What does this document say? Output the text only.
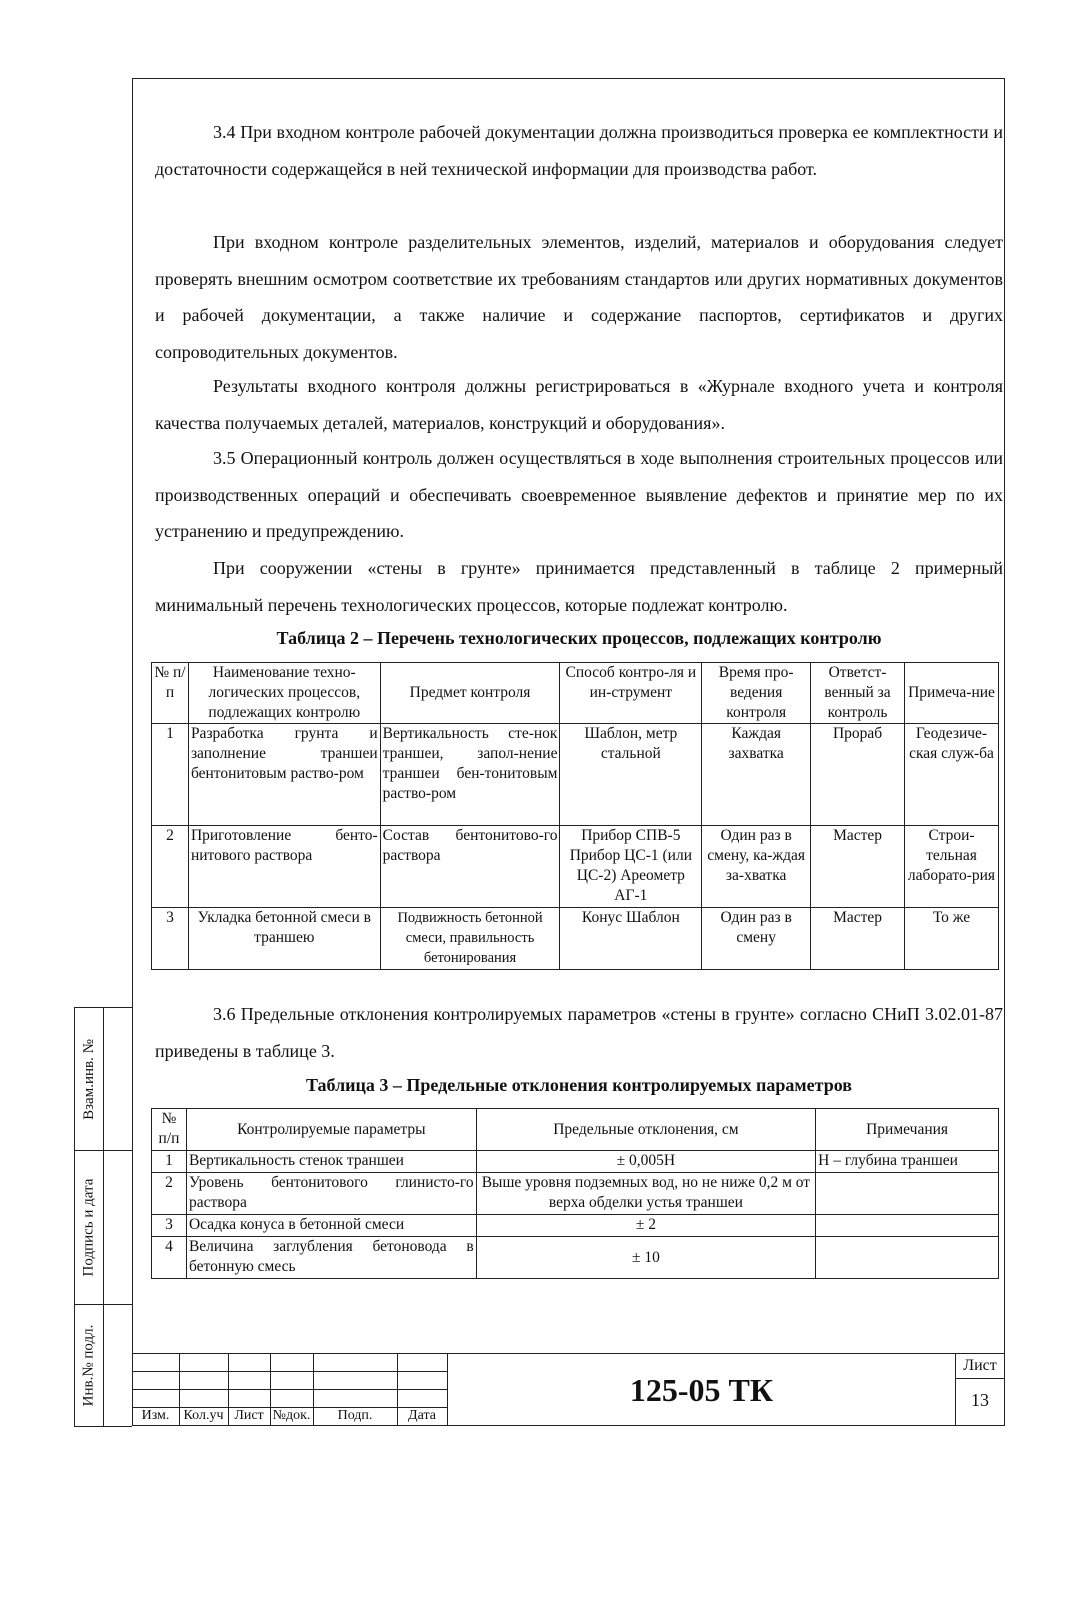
Взам.инв. №
Подпись и дата
Инв.№ подл.
3.4 При входном контроле рабочей документации должна производиться проверка ее комплектности и достаточности содержащейся в ней технической информации для производства работ.
При входном контроле разделительных элементов, изделий, материалов и оборудования следует проверять внешним осмотром соответствие их требованиям стандартов или других нормативных документов и рабочей документации, а также наличие и содержание паспортов, сертификатов и других сопроводительных документов.
Результаты входного контроля должны регистрироваться в «Журнале входного учета и контроля качества получаемых деталей, материалов, конструкций и оборудования».
3.5 Операционный контроль должен осуществляться в ходе выполнения строительных процессов или производственных операций и обеспечивать своевременное выявление дефектов и принятие мер по их устранению и предупреждению.
При сооружении «стены в грунте» принимается представленный в таблице 2 примерный минимальный перечень технологических процессов, которые подлежат контролю.
Таблица 2 – Перечень технологических процессов, подлежащих контролю
№ п/п	Наименование техно-логических процессов, подлежащих контролю	Предмет контроля	Способ контро-ля и ин-струмент	Время про-ведения контроля	Ответст-венный за контроль	Примеча-ние
1	Разработка грунта и заполнение траншеи бентонитовым раство-ром	Вертикальность сте-нок траншеи, запол-нение траншеи бен-тонитовым раство-ром	Шаблон, метр стальной	Каждая захватка	Прораб	Геодезиче-ская служ-ба
2	Приготовление бенто-нитового раствора	Состав бентонитово-го раствора	Прибор СПВ-5 Прибор ЦС-1 (или ЦС-2) Ареометр АГ-1	Один раз в смену, ка-ждая за-хватка	Мастер	Строи-тельная лаборато-рия
3	Укладка бетонной смеси в траншею	Подвижность бетонной смеси, правильность бетонирования	Конус Шаблон	Один раз в смену	Мастер	То же
3.6 Предельные отклонения контролируемых параметров «стены в грунте» согласно СНиП 3.02.01-87 приведены в таблице 3.
Таблица 3 – Предельные отклонения контролируемых параметров
№ п/п	Контролируемые параметры	Предельные отклонения, см	Примечания
1	Вертикальность стенок траншеи	± 0,005Н	Н – глубина траншеи
2	Уровень бентонитового глинисто-го раствора	Выше уровня подземных вод, но не ниже 0,2 м от верха обделки устья траншеи	
3	Осадка конуса в бетонной смеси	± 2	
4	Величина заглубления бетоновода в бетонную смесь	± 10	
Изм.	Кол.уч Лист №док.	Подп.	Дата
125-05 ТК
Лист
13
